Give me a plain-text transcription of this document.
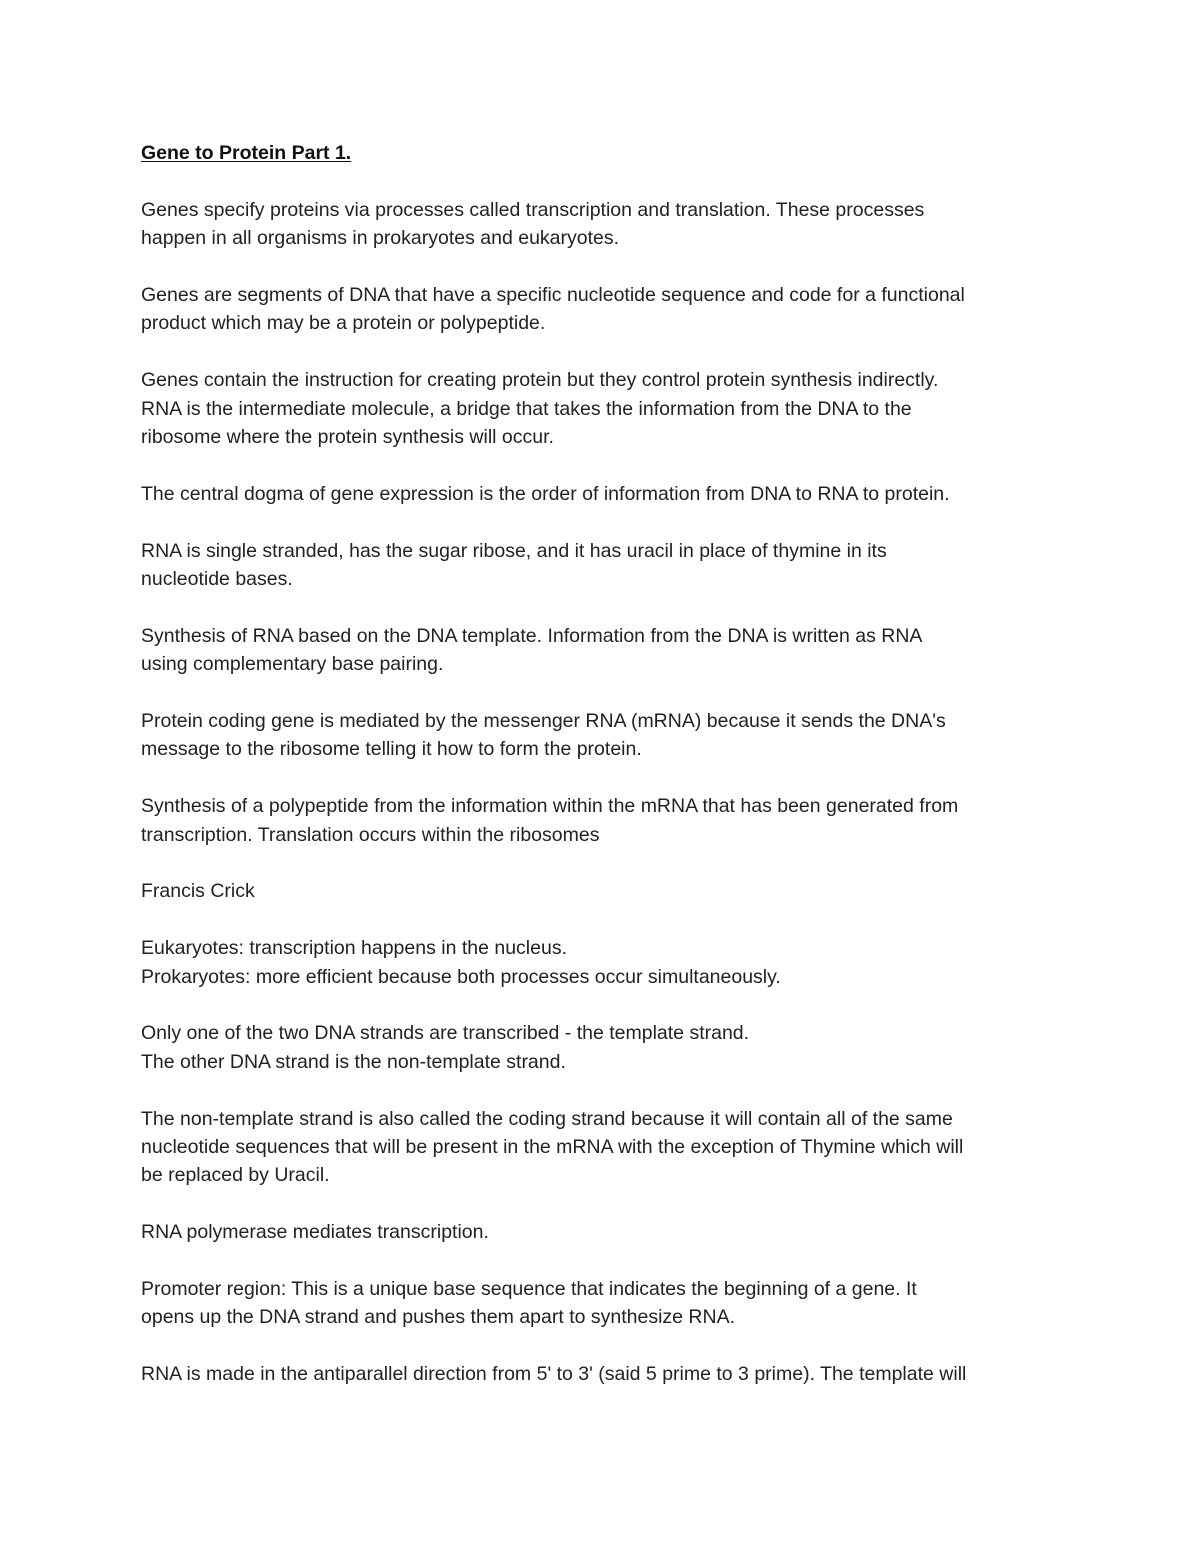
Gene to Protein Part 1.
Genes specify proteins via processes called transcription and translation. These processes
happen in all organisms in prokaryotes and eukaryotes.
Genes are segments of DNA that have a specific nucleotide sequence and code for a functional
product which may be a protein or polypeptide.
Genes contain the instruction for creating protein but they control protein synthesis indirectly.
RNA is the intermediate molecule, a bridge that takes the information from the DNA to the
ribosome where the protein synthesis will occur.
The central dogma of gene expression is the order of information from DNA to RNA to protein.
RNA is single stranded, has the sugar ribose, and it has uracil in place of thymine in its
nucleotide bases.
Synthesis of RNA based on the DNA template. Information from the DNA is written as RNA
using complementary base pairing.
Protein coding gene is mediated by the messenger RNA (mRNA) because it sends the DNA's
message to the ribosome telling it how to form the protein.
Synthesis of a polypeptide from the information within the mRNA that has been generated from
transcription. Translation occurs within the ribosomes
Francis Crick
Eukaryotes: transcription happens in the nucleus.
Prokaryotes: more efficient because both processes occur simultaneously.
Only one of the two DNA strands are transcribed - the template strand.
The other DNA strand is the non-template strand.
The non-template strand is also called the coding strand because it will contain all of the same
nucleotide sequences that will be present in the mRNA with the exception of Thymine which will
be replaced by Uracil.
RNA polymerase mediates transcription.
Promoter region: This is a unique base sequence that indicates the beginning of a gene. It
opens up the DNA strand and pushes them apart to synthesize RNA.
RNA is made in the antiparallel direction from 5' to 3' (said 5 prime to 3 prime). The template will
